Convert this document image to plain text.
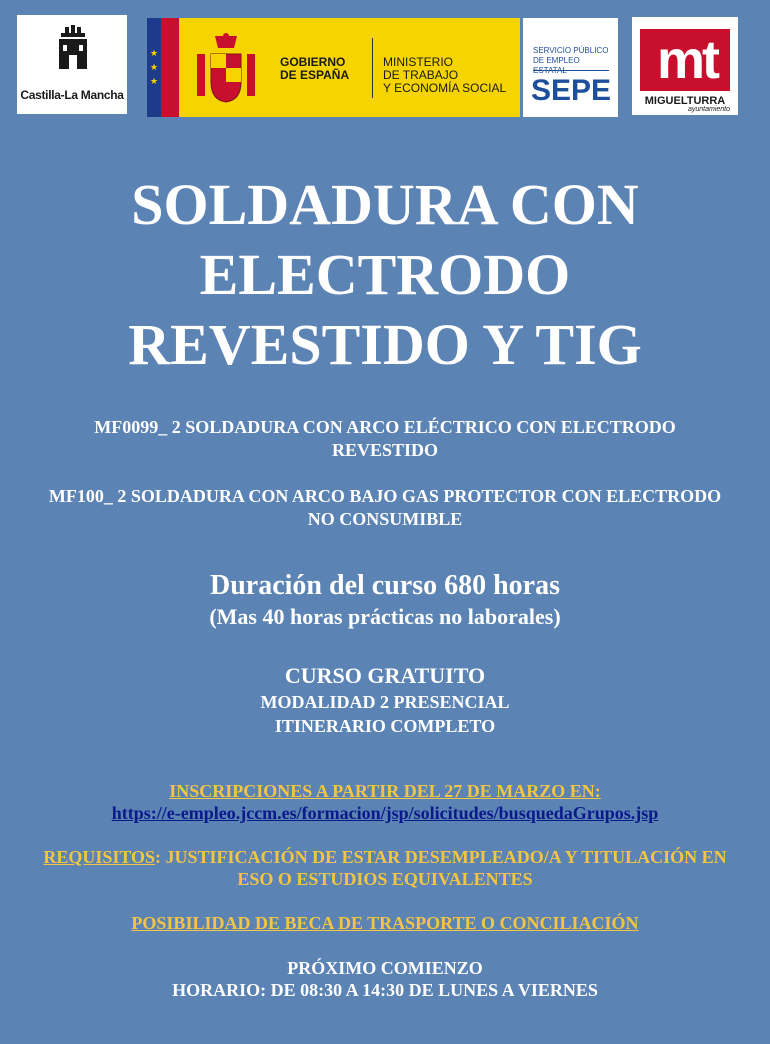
Castilla-La Mancha
★
★
★
GOBIERNO
DE ESPAÑA
MINISTERIO
DE TRABAJO
Y ECONOMÍA SOCIAL
SERVICIO PÚBLICO
DE EMPLEO
SEPE
mt
MIGUELTURRA
ayuntamiento
SOLDADURA CON
ELECTRODO
REVESTIDO Y TIG
MF0099_ 2 SOLDADURA CON ARCO ELÉCTRICO CON ELECTRODO
REVESTIDO
MF100_ 2 SOLDADURA CON ARCO BAJO GAS PROTECTOR CON ELECTRODO
NO CONSUMIBLE
Duración del curso 680 horas
(Mas 40 horas prácticas no laborales)
CURSO GRATUITO
MODALIDAD 2 PRESENCIAL
ITINERARIO COMPLETO
INSCRIPCIONES A PARTIR DEL 27 DE MARZO EN:
https://e-empleo.jccm.es/formacion/jsp/solicitudes/busquedaGrupos.jsp
REQUISITOS: JUSTIFICACIÓN DE ESTAR DESEMPLEADO/A Y TITULACIÓN EN
ESO O ESTUDIOS EQUIVALENTES
POSIBILIDAD DE BECA DE TRASPORTE O CONCILIACIÓN
PRÓXIMO COMIENZO
HORARIO: DE 08:30 A 14:30 DE LUNES A VIERNES
